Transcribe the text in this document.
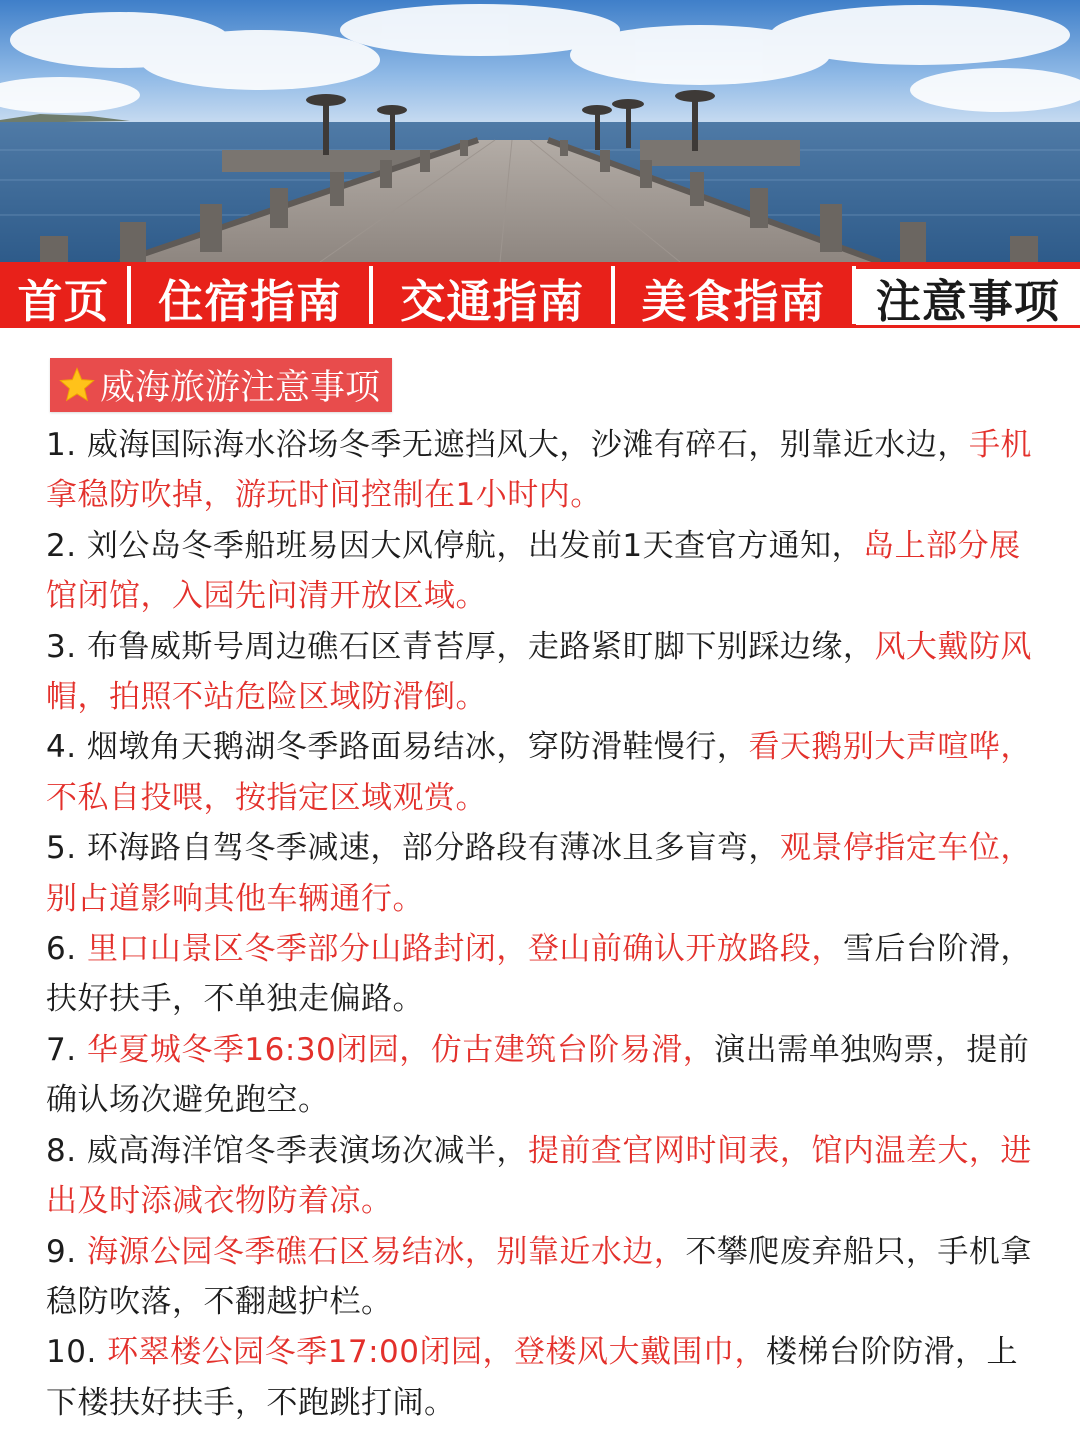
首页	住宿指南	交通指南	美食指南	注意事项
威海旅游注意事项
1. 威海国际海水浴场冬季无遮挡风大，沙滩有碎石，别靠近水边，手机拿稳防吹掉，游玩时间控制在1小时内。
2. 刘公岛冬季船班易因大风停航，出发前1天查官方通知，岛上部分展馆闭馆，入园先问清开放区域。
3. 布鲁威斯号周边礁石区青苔厚，走路紧盯脚下别踩边缘，风大戴防风帽，拍照不站危险区域防滑倒。
4. 烟墩角天鹅湖冬季路面易结冰，穿防滑鞋慢行，看天鹅别大声喧哗，不私自投喂，按指定区域观赏。
5. 环海路自驾冬季减速，部分路段有薄冰且多盲弯，观景停指定车位，别占道影响其他车辆通行。
6. 里口山景区冬季部分山路封闭，登山前确认开放路段，雪后台阶滑，扶好扶手，不单独走偏路。
7. 华夏城冬季16:30闭园，仿古建筑台阶易滑，演出需单独购票，提前确认场次避免跑空。
8. 威高海洋馆冬季表演场次减半，提前查官网时间表，馆内温差大，进出及时添减衣物防着凉。
9. 海源公园冬季礁石区易结冰，别靠近水边，不攀爬废弃船只，手机拿稳防吹落，不翻越护栏。
10. 环翠楼公园冬季17:00闭园，登楼风大戴围巾，楼梯台阶防滑，上下楼扶好扶手，不跑跳打闹。
